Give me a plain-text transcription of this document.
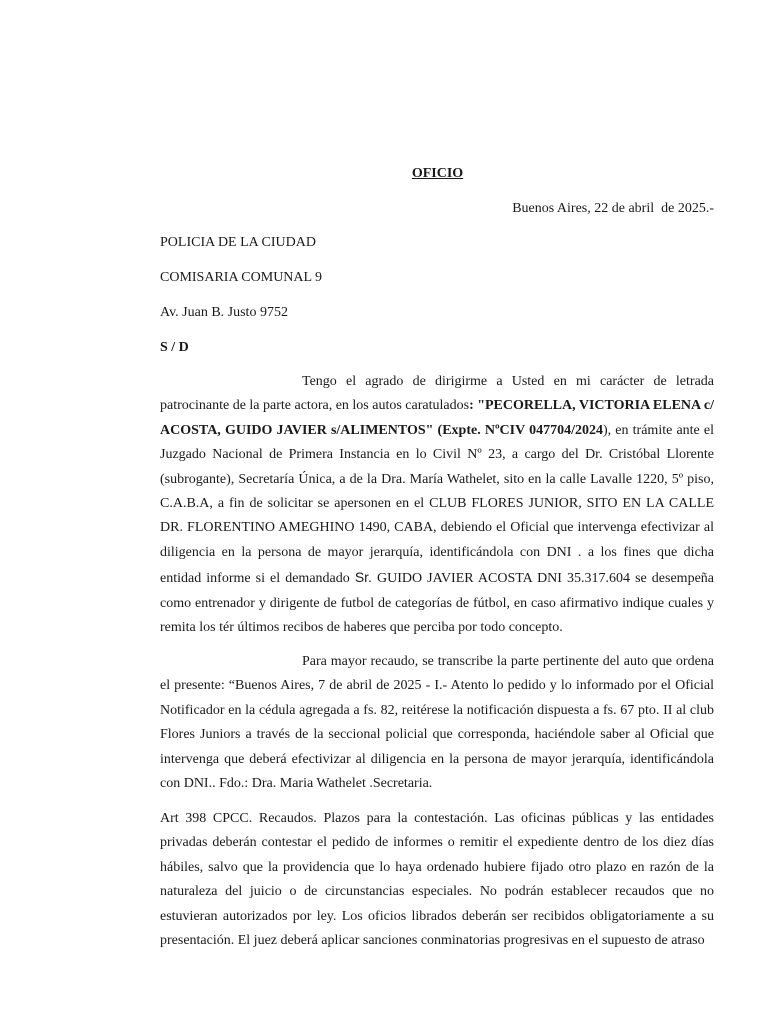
OFICIO
Buenos Aires, 22 de abril  de 2025.-
POLICIA DE LA CIUDAD
COMISARIA COMUNAL 9
Av. Juan B. Justo 9752
S / D

Tengo el agrado de dirigirme a Usted en mi carácter de letrada patrocinante de la parte actora, en los autos caratulados: "PECORELLA, VICTORIA ELENA c/ ACOSTA, GUIDO JAVIER s/ALIMENTOS" (Expte. NºCIV 047704/2024), en trámite ante el Juzgado Nacional de Primera Instancia en lo Civil Nº 23, a cargo del Dr. Cristóbal Llorente (subrogante), Secretaría Única, a de la Dra. María Wathelet, sito en la calle Lavalle 1220, 5º piso, C.A.B.A, a fin de solicitar se apersonen en el CLUB FLORES JUNIOR, SITO EN LA CALLE DR. FLORENTINO AMEGHINO 1490, CABA, debiendo el Oficial que intervenga efectivizar al diligencia en la persona de mayor jerarquía, identificándola con DNI . a los fines que dicha entidad informe si el demandado Sr. GUIDO JAVIER ACOSTA DNI 35.317.604 se desempeña como entrenador y dirigente de futbol de categorías de fútbol, en caso afirmativo indique cuales y remita los tér últimos recibos de haberes que perciba por todo concepto.

Para mayor recaudo, se transcribe la parte pertinente del auto que ordena el presente: “Buenos Aires, 7 de abril de 2025 - I.- Atento lo pedido y lo informado por el Oficial Notificador en la cédula agregada a fs. 82, reitérese la notificación dispuesta a fs. 67 pto. II al club Flores Juniors a través de la seccional policial que corresponda, haciéndole saber al Oficial que intervenga que deberá efectivizar al diligencia en la persona de mayor jerarquía, identificándola con DNI.. Fdo.: Dra. Maria Wathelet .Secretaria.

Art 398 CPCC. Recaudos. Plazos para la contestación. Las oficinas públicas y las entidades privadas deberán contestar el pedido de informes o remitir el expediente dentro de los diez días hábiles, salvo que la providencia que lo haya ordenado hubiere fijado otro plazo en razón de la naturaleza del juicio o de circunstancias especiales. No podrán establecer recaudos que no estuvieran autorizados por ley. Los oficios librados deberán ser recibidos obligatoriamente a su presentación. El juez deberá aplicar sanciones conminatorias progresivas en el supuesto de atraso
